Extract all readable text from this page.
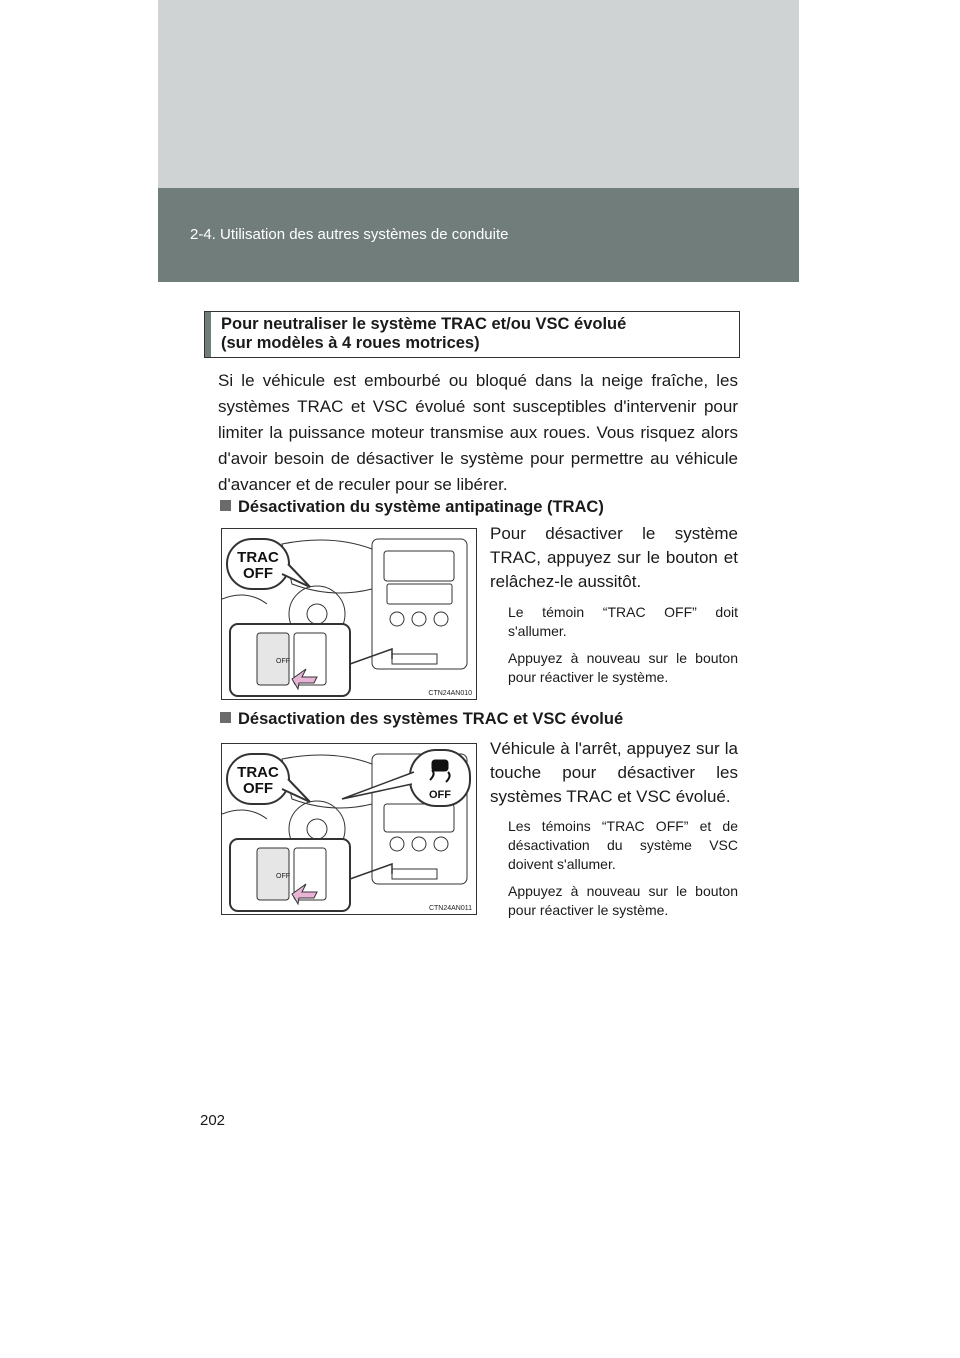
2-4. Utilisation des autres systèmes de conduite
Pour neutraliser le système TRAC et/ou VSC évolué
(sur modèles à 4 roues motrices)
Si le véhicule est embourbé ou bloqué dans la neige fraîche, les systèmes TRAC et VSC évolué sont susceptibles d'intervenir pour limiter la puissance moteur transmise aux roues. Vous risquez alors d'avoir besoin de désactiver le système pour permettre au véhicule d'avancer et de reculer pour se libérer.
Désactivation du système antipatinage (TRAC)
OFF
TRAC
OFF
CTN24AN010
Pour désactiver le système TRAC, appuyez sur le bouton et relâchez-le aussitôt.
Le témoin “TRAC OFF” doit s'allumer.
Appuyez à nouveau sur le bouton pour réactiver le système.
Désactivation des systèmes TRAC et VSC évolué
OFF
TRAC
OFF	OFF
CTN24AN011
Véhicule à l'arrêt, appuyez sur la touche pour désactiver les systèmes TRAC et VSC évolué.
Les témoins “TRAC OFF” et de désactivation du système VSC doivent s'allumer.
Appuyez à nouveau sur le bouton pour réactiver le système.
202
